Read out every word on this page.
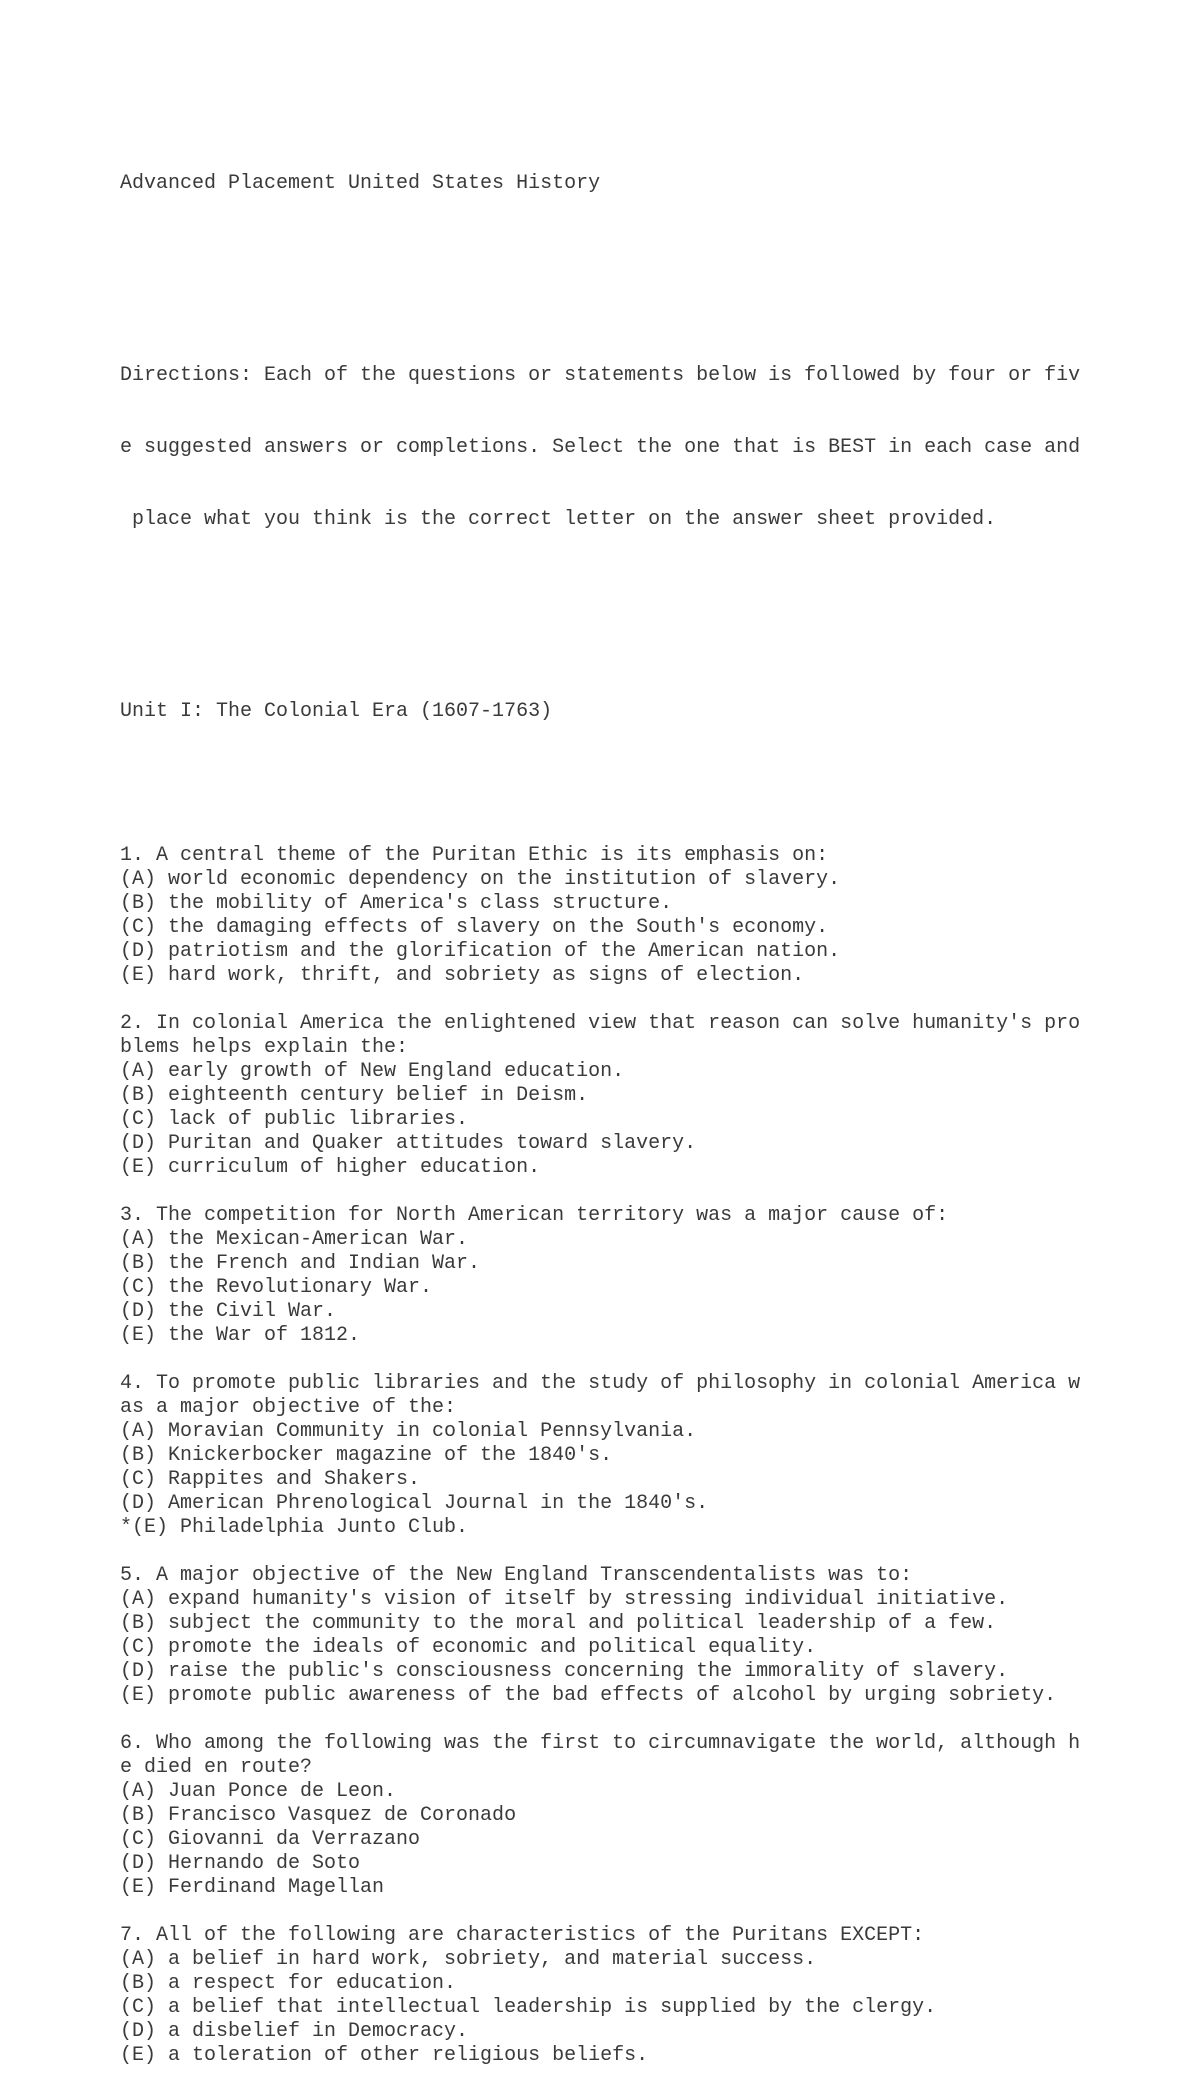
Advanced Placement United States History

Directions: Each of the questions or statements below is followed by four or fiv

e suggested answers or completions. Select the one that is BEST in each case and

place what you think is the correct letter on the answer sheet provided.

Unit I: The Colonial Era (1607-1763)

1. A central theme of the Puritan Ethic is its emphasis on:
(A) world economic dependency on the institution of slavery.
(B) the mobility of America's class structure.
(C) the damaging effects of slavery on the South's economy.
(D) patriotism and the glorification of the American nation.
(E) hard work, thrift, and sobriety as signs of election.
2. In colonial America the enlightened view that reason can solve humanity's pro
blems helps explain the:
(A) early growth of New England education.
(B) eighteenth century belief in Deism.
(C) lack of public libraries.
(D) Puritan and Quaker attitudes toward slavery.
(E) curriculum of higher education.
3. The competition for North American territory was a major cause of:
(A) the Mexican-American War.
(B) the French and Indian War.
(C) the Revolutionary War.
(D) the Civil War.
(E) the War of 1812.
4. To promote public libraries and the study of philosophy in colonial America w
as a major objective of the:
(A) Moravian Community in colonial Pennsylvania.
(B) Knickerbocker magazine of the 1840's.
(C) Rappites and Shakers.
(D) American Phrenological Journal in the 1840's.
*(E) Philadelphia Junto Club.
5. A major objective of the New England Transcendentalists was to:
(A) expand humanity's vision of itself by stressing individual initiative.
(B) subject the community to the moral and political leadership of a few.
(C) promote the ideals of economic and political equality.
(D) raise the public's consciousness concerning the immorality of slavery.
(E) promote public awareness of the bad effects of alcohol by urging sobriety.
6. Who among the following was the first to circumnavigate the world, although h
e died en route?
(A) Juan Ponce de Leon.
(B) Francisco Vasquez de Coronado
(C) Giovanni da Verrazano
(D) Hernando de Soto
(E) Ferdinand Magellan
7. All of the following are characteristics of the Puritans EXCEPT:
(A) a belief in hard work, sobriety, and material success.
(B) a respect for education.
(C) a belief that intellectual leadership is supplied by the clergy.
(D) a disbelief in Democracy.
(E) a toleration of other religious beliefs.
